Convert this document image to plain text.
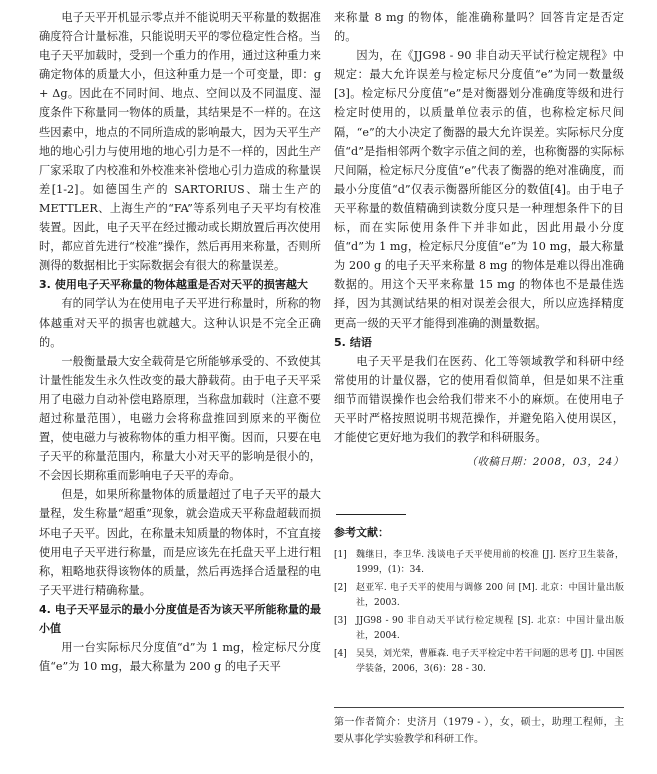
电子天平开机显示零点并不能说明天平称量的数据准确度符合计量标准，只能说明天平的零位稳定性合格。当电子天平加载时，受到一个重力的作用，通过这种重力来确定物体的质量大小，但这种重力是一个可变量，即：g + Δg。因此在不同时间、地点、空间以及不同温度、湿度条件下称量同一物体的质量，其结果是不一样的。在这些因素中，地点的不同所造成的影响最大，因为天平生产地的地心引力与使用地的地心引力是不一样的，因此生产厂家采取了内校准和外校准来补偿地心引力造成的称量误差[1-2]。如德国生产的 SARTORIUS、瑞士生产的 METTLER、上海生产的“FA”等系列电子天平均有校准装置。因此，电子天平在经过搬动或长期放置后再次使用时，都应首先进行“校准”操作，然后再用来称量，否则所测得的数据相比于实际数据会有很大的称量误差。

3. 使用电子天平称量的物体越重是否对天平的损害越大

有的同学认为在使用电子天平进行称量时，所称的物体越重对天平的损害也就越大。这种认识是不完全正确的。

一般衡量最大安全载荷是它所能够承受的、不致使其计量性能发生永久性改变的最大静载荷。由于电子天平采用了电磁力自动补偿电路原理，当称盘加载时（注意不要超过称量范围），电磁力会将称盘推回到原来的平衡位置，使电磁力与被称物体的重力相平衡。因而，只要在电子天平的称量范围内，称量大小对天平的影响是很小的，不会因长期称重而影响电子天平的寿命。

但是，如果所称量物体的质量超过了电子天平的最大量程，发生称量“超重”现象，就会造成天平称盘超载而损坏电子天平。因此，在称量未知质量的物体时，不宜直接使用电子天平进行称量，而是应该先在托盘天平上进行粗称，粗略地获得该物体的质量，然后再选择合适量程的电子天平进行精确称量。

4. 电子天平显示的最小分度值是否为该天平所能称量的最小值

用一台实际标尺分度值“d”为 1 mg，检定标尺分度值“e”为 10 mg，最大称量为 200 g 的电子天平

来称量 8 mg 的物体，能准确称量吗？回答肯定是否定的。

因为，在《JJG98 - 90 非自动天平试行检定规程》中规定：最大允许误差与检定标尺分度值“e”为同一数量级[3]。检定标尺分度值“e”是对衡器划分准确度等级和进行检定时使用的，以质量单位表示的值，也称检定标尺间隔，“e”的大小决定了衡器的最大允许误差。实际标尺分度值“d”是指相邻两个数字示值之间的差，也称衡器的实际标尺间隔，检定标尺分度值“e”代表了衡器的绝对准确度，而最小分度值“d”仅表示衡器所能区分的数值[4]。由于电子天平称量的数值精确到读数分度只是一种理想条件下的目标，而在实际使用条件下并非如此，因此用最小分度值“d”为 1 mg，检定标尺分度值“e”为 10 mg，最大称量为 200 g 的电子天平来称量 8 mg 的物体是难以得出准确数据的。用这个天平来称量 15 mg 的物体也不是最佳选择，因为其测试结果的相对误差会很大，所以应选择精度更高一级的天平才能得到准确的测量数据。

5. 结语

电子天平是我们在医药、化工等领域教学和科研中经常使用的计量仪器，它的使用看似简单，但是如果不注重细节而错误操作也会给我们带来不小的麻烦。在使用电子天平时严格按照说明书规范操作，并避免陷入使用误区，才能使它更好地为我们的教学和科研服务。

（收稿日期：2008，03，24）

参考文献：

[1]	魏继日，李卫华. 浅谈电子天平使用前的校准 [J]. 医疗卫生装备，1999，(1)：34.
[2]	赵亚军. 电子天平的使用与调修 200 问 [M]. 北京：中国计量出版社，2003.
[3]	JJG98 - 90 非自动天平试行检定规程 [S]. 北京：中国计量出版社，2004.
[4]	吴昊，刘光荣，曹雁森. 电子天平检定中若干问题的思考 [J]. 中国医学装备，2006，3(6)：28 - 30.

第一作者简介：史济月（1979 - ），女，硕士，助理工程师，主要从事化学实验教学和科研工作。
